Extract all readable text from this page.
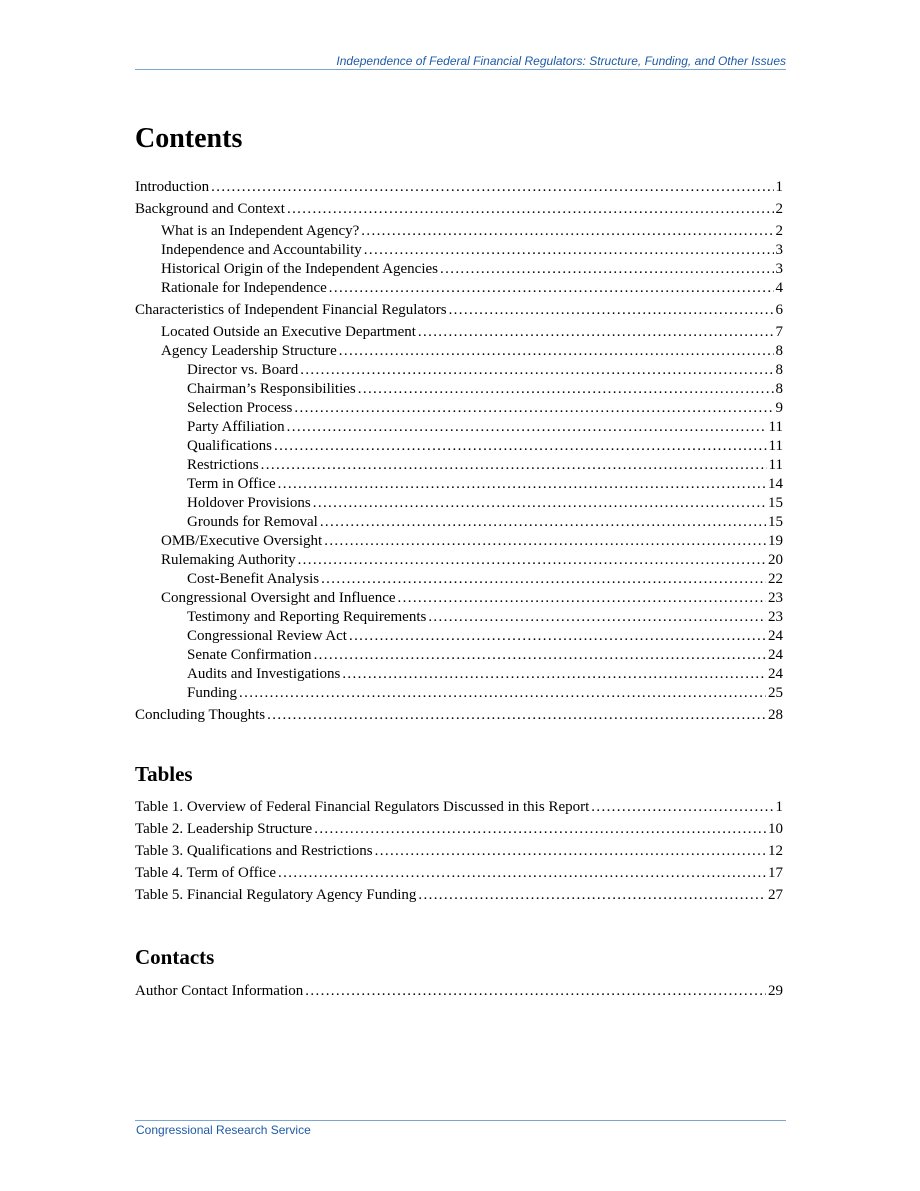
Independence of Federal Financial Regulators: Structure, Funding, and Other Issues
Contents
Introduction . . .	1
Background and Context . . .	2
What is an Independent Agency? . . .	2
Independence and Accountability . . .	3
Historical Origin of the Independent Agencies . . .	3
Rationale for Independence . . .	4
Characteristics of Independent Financial Regulators . . .	6
Located Outside an Executive Department . . .	7
Agency Leadership Structure . . .	8
Director vs. Board . . .	8
Chairman’s Responsibilities . . .	8
Selection Process . . .	9
Party Affiliation . . .	11
Qualifications . . .	11
Restrictions . . .	11
Term in Office . . .	14
Holdover Provisions . . .	15
Grounds for Removal . . .	15
OMB/Executive Oversight . . .	19
Rulemaking Authority . . .	20
Cost-Benefit Analysis . . .	22
Congressional Oversight and Influence . . .	23
Testimony and Reporting Requirements . . .	23
Congressional Review Act . . .	24
Senate Confirmation . . .	24
Audits and Investigations . . .	24
Funding . . .	25
Concluding Thoughts . . .	28
Tables
Table 1. Overview of Federal Financial Regulators Discussed in this Report . . .	1
Table 2. Leadership Structure . . .	10
Table 3. Qualifications and Restrictions . . .	12
Table 4. Term of Office . . .	17
Table 5. Financial Regulatory Agency Funding . . .	27
Contacts
Author Contact Information . . .	29
Congressional Research Service
